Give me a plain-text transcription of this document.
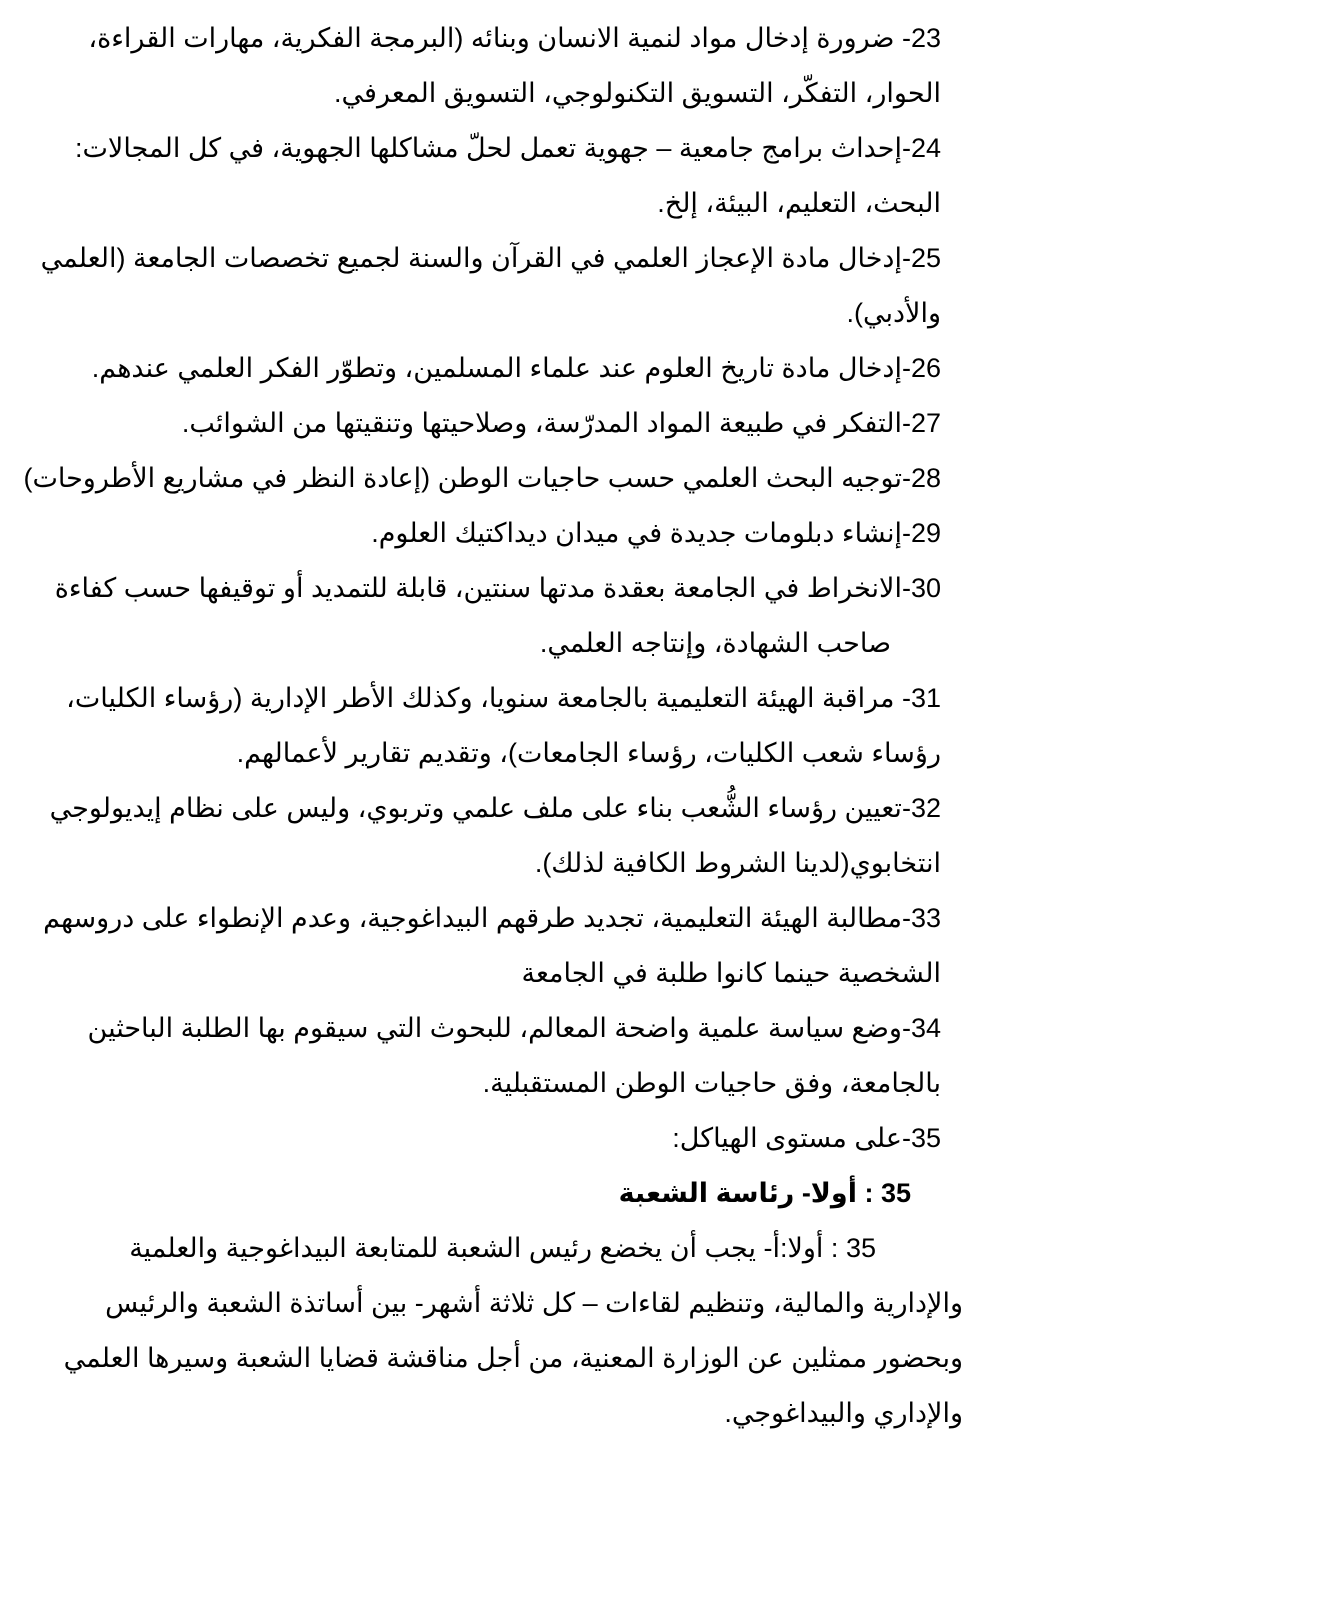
23- ضرورة إدخال مواد لنمية الانسان وبنائه (البرمجة الفكرية، مهارات القراءة،
الحوار، التفكّر، التسويق التكنولوجي، التسويق المعرفي.
24-إحداث برامج جامعية – جهوية تعمل لحلّ مشاكلها الجهوية، في كل المجالات:
البحث، التعليم، البيئة، إلخ.
25-إدخال مادة الإعجاز العلمي في القرآن والسنة لجميع تخصصات الجامعة (العلمي
والأدبي).
26-إدخال مادة تاريخ العلوم عند علماء المسلمين، وتطوّر الفكر العلمي عندهم.
27-التفكر في طبيعة المواد المدرّسة، وصلاحيتها وتنقيتها من الشوائب.
28-توجيه البحث العلمي حسب حاجيات الوطن (إعادة النظر في مشاريع الأطروحات)
29-إنشاء دبلومات جديدة في ميدان ديداكتيك العلوم.
30-الانخراط في الجامعة بعقدة مدتها سنتين، قابلة للتمديد أو توقيفها حسب كفاءة
صاحب الشهادة، وإنتاجه العلمي.
31- مراقبة الهيئة التعليمية بالجامعة سنويا، وكذلك الأطر الإدارية (رؤساء الكليات،
رؤساء شعب الكليات، رؤساء الجامعات)، وتقديم تقارير لأعمالهم.
32-تعيين رؤساء الشُّعب بناء على ملف علمي وتربوي، وليس على نظام إيديولوجي
انتخابوي(لدينا الشروط الكافية لذلك).
33-مطالبة الهيئة التعليمية، تجديد طرقهم البيداغوجية، وعدم الإنطواء على دروسهم
الشخصية حينما كانوا طلبة في الجامعة
34-وضع سياسة علمية واضحة المعالم، للبحوث التي سيقوم بها الطلبة الباحثين
بالجامعة، وفق حاجيات الوطن المستقبلية.
35-على مستوى الهياكل:
35 : أولا- رئاسة الشعبة
35 : أولا:أ- يجب أن يخضع رئيس الشعبة للمتابعة البيداغوجية والعلمية
والإدارية والمالية، وتنظيم لقاءات – كل ثلاثة أشهر- بين أساتذة الشعبة والرئيس
وبحضور ممثلين عن الوزارة المعنية، من أجل مناقشة قضايا الشعبة وسيرها العلمي
والإداري والبيداغوجي.
